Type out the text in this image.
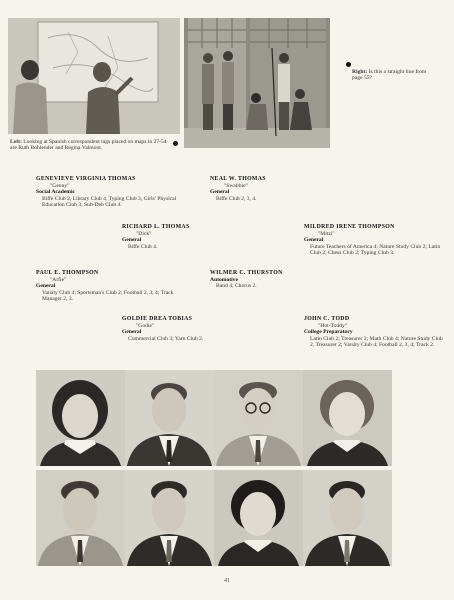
Right: Is this a straight line from page 55?
Left: Looking at Spanish correspondent tags placed on maps in 27-54 are Ruth Bohlender and Regina Valmont.
GENEVIEVE VIRGINIA THOMAS
"Genny"
Social Academic
Biffe Club 2, Library Club 4, Typing Club 3, Girls' Physical Education Club 3, Sub-Deb Club 4.
NEAL W. THOMAS
"Swabbie"
General
Biffe Club 2, 3, 4.
RICHARD L. THOMAS
"Dick"
General
Biffe Club 4.
MILDRED IRENE THOMPSON
"Mitzi"
General
Future Teachers of America 4; Nature Study Club 2; Latin Club 2; Chess Club 3; Typing Club 3.
PAUL E. THOMPSON
"Arfie"
General
Varsity Club 4; Sportsman's Club 2; Football 2, 3, 4; Track Manager 2, 3.
WILMER C. THURSTON
Automotive
Band 4; Chorus 2.
GOLDIE DREA TOBIAS
"Godie"
General
Commercial Club 3; Yarn Club 2.
JOHN C. TODD
"Hot-Toddy"
College Preparatory
Latin Club 2; Treasurer 2; Math Club 4; Nature Study Club 2, Treasurer 2; Varsity Club 4; Football 2, 3, 4; Track 2.
41
